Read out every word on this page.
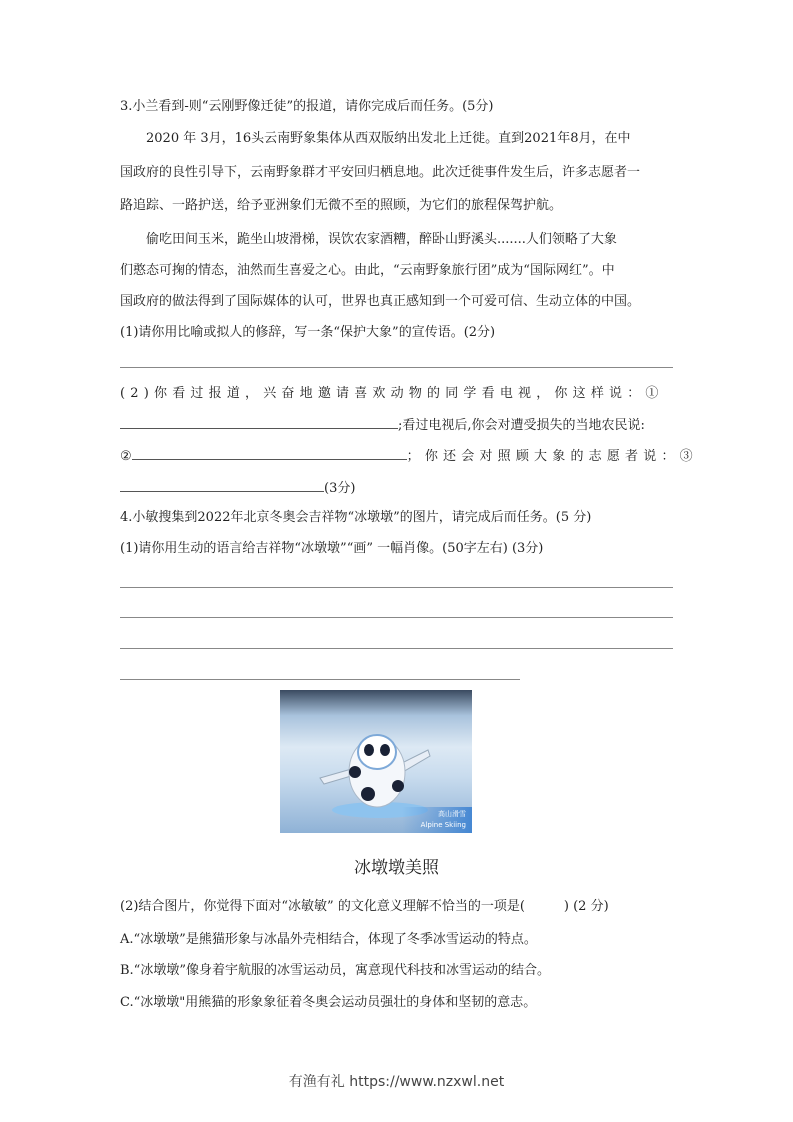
3.小兰看到-则“云刚野像迁徒”的报道，请你完成后而任务。(5分)
2020 年 3月，16头云南野象集体从西双版纳出发北上迁徙。直到2021年8月，在中
国政府的良性引导下，云南野象群才平安回归栖息地。此次迁徙事件发生后，许多志愿者一
路追踪、一路护送，给予亚洲象们无微不至的照顾，为它们的旅程保驾护航。
偷吃田间玉米，跪坐山坡滑梯，误饮农家酒糟，醉卧山野溪头.......人们领略了大象
们憨态可掬的情态，油然而生喜爱之心。由此，“云南野象旅行团”成为“国际网红”。中
国政府的做法得到了国际媒体的认可，世界也真正感知到一个可爱可信、生动立体的中国。
(1)请你用比喻或拟人的修辞，写一条“保护大象”的宣传语。(2分)
(2)你看过报道，兴奋地邀请喜欢动物的同学看电视，你这样说：①
;看过电视后,你会对遭受损失的当地农民说:
②	；你还会对照顾大象的志愿者说：③
(3分)
4.小敏搜集到2022年北京冬奥会吉祥物“冰墩墩”的图片，请完成后而任务。(5 分)
(1)请你用生动的语言给吉祥物“冰墩墩”“画” 一幅肖像。(50字左右) (3分)
高山滑雪
Alpine Skiing
冰墩墩美照
(2)结合图片，你觉得下面对“冰敏敏” 的文化意义理解不恰当的一项是(　　　) (2 分)
A.“冰墩墩”是熊猫形象与冰晶外壳相结合，体现了冬季冰雪运动的特点。
B.“冰墩墩”像身着宇航服的冰雪运动员，寓意现代科技和冰雪运动的结合。
C.“冰墩墩"用熊猫的形象象征着冬奥会运动员强壮的身体和坚韧的意志。
有渔有礼 https://www.nzxwl.net
